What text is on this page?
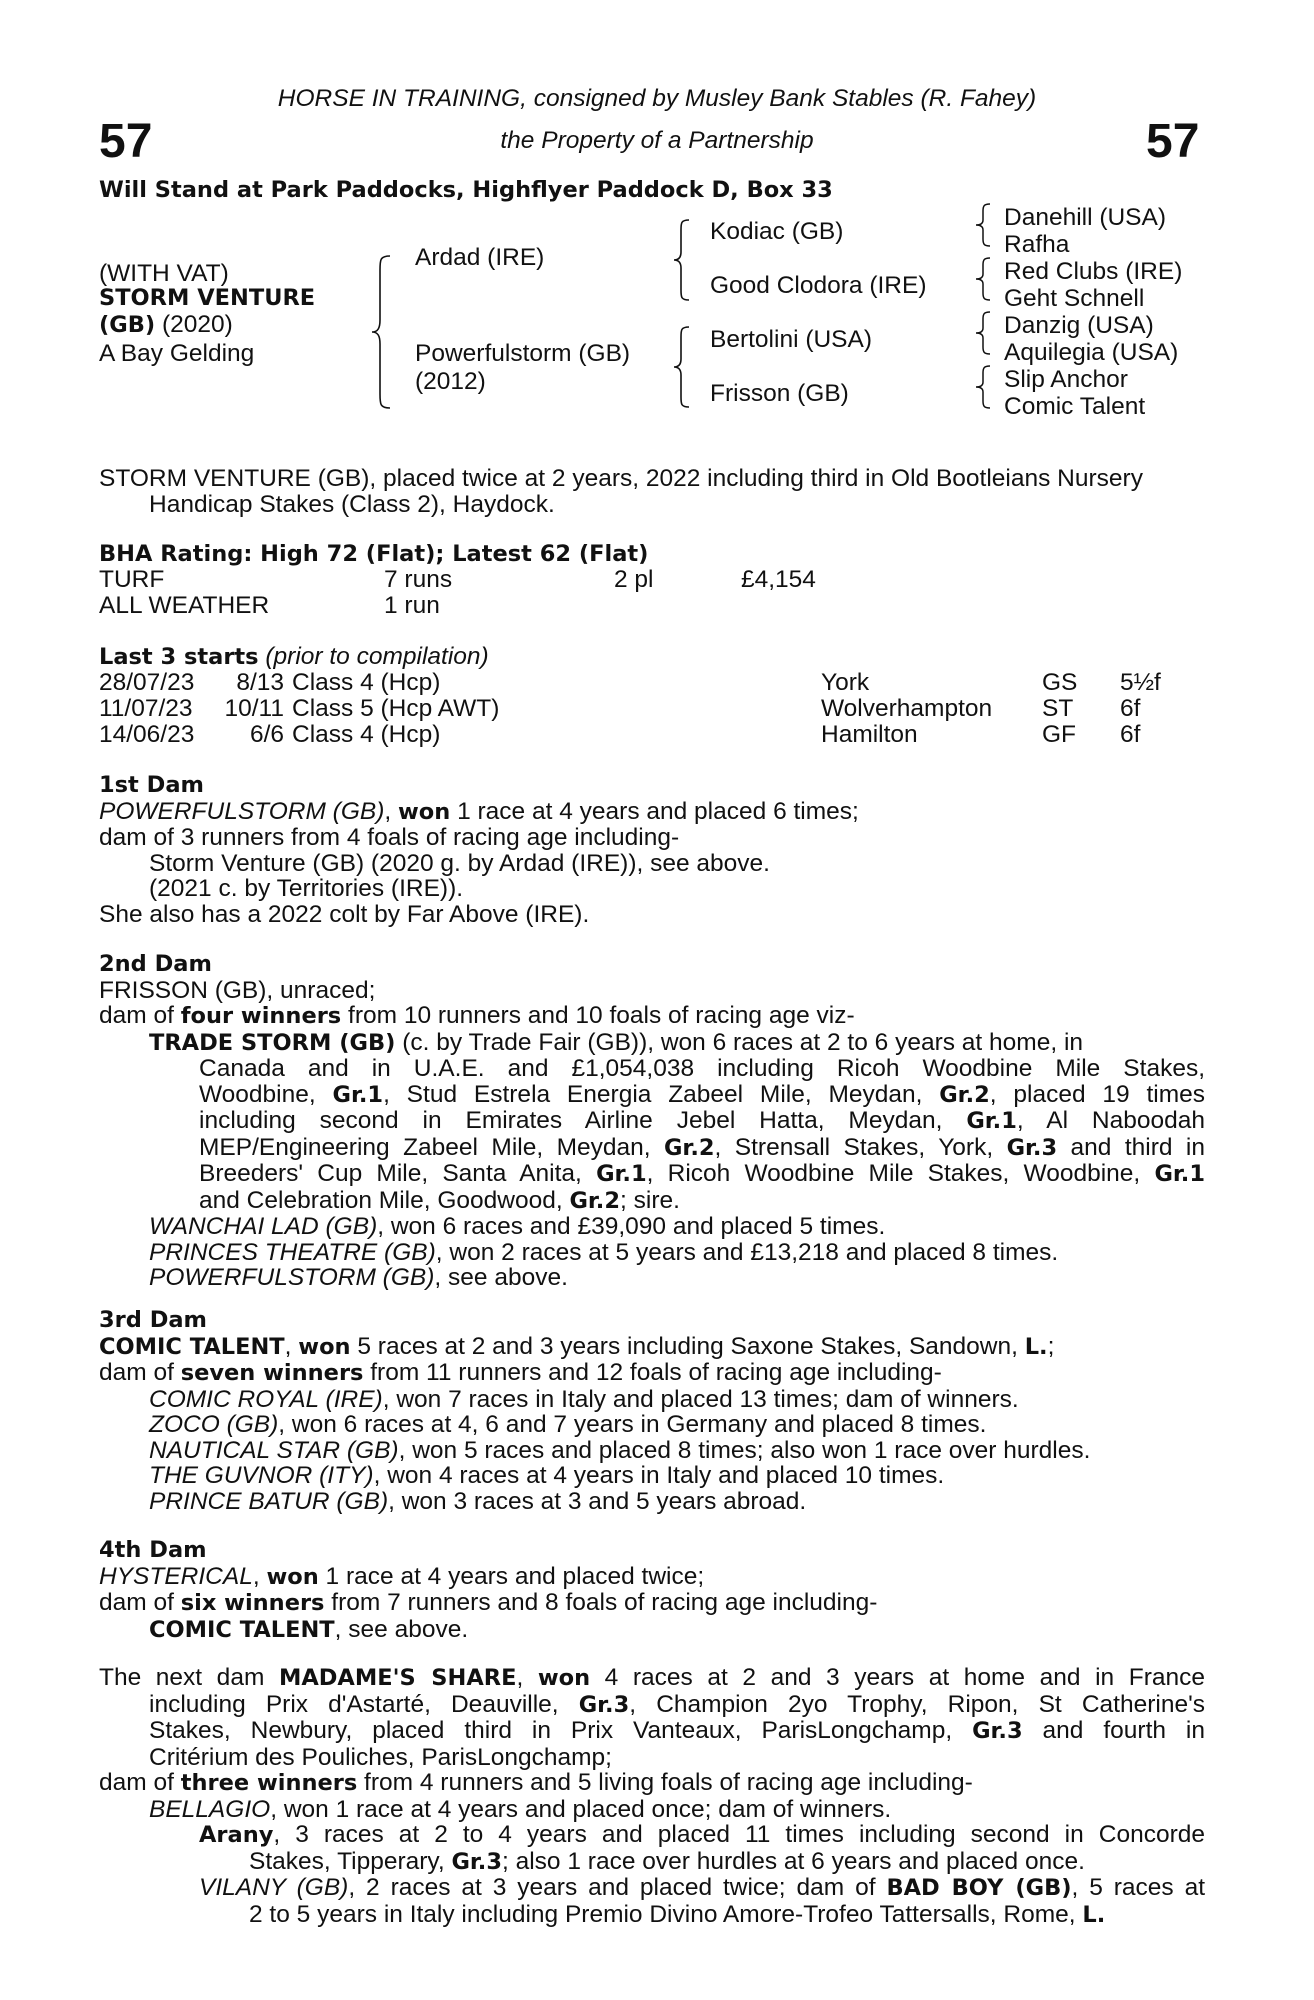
57	57
HORSE IN TRAINING, consigned by Musley Bank Stables (R. Fahey)
the Property of a Partnership
Will Stand at Park Paddocks, Highflyer Paddock D, Box 33
(WITH VAT)
STORM VENTURE
(GB) (2020)
A Bay Gelding
Ardad (IRE)
Powerfulstorm (GB)
(2012)
Kodiac (GB)
Good Clodora (IRE)
Bertolini (USA)
Frisson (GB)
Danehill (USA)
Rafha
Red Clubs (IRE)
Geht Schnell
Danzig (USA)
Aquilegia (USA)
Slip Anchor
Comic Talent
STORM VENTURE (GB), placed twice at 2 years, 2022 including third in Old Bootleians Nursery
Handicap Stakes (Class 2), Haydock.
BHA Rating: High 72 (Flat); Latest 62 (Flat)
TURF	7 runs	2 pl	£4,154
ALL WEATHER	1 run
Last 3 starts (prior to compilation)
28/07/23	8/13 Class 4 (Hcp)	York	GS 5½f
11/07/23	10/11 Class 5 (Hcp AWT)	Wolverhampton ST 6f
14/06/23	6/6 Class 4 (Hcp)	Hamilton	GF 6f
1st Dam
POWERFULSTORM (GB), won 1 race at 4 years and placed 6 times;
dam of 3 runners from 4 foals of racing age including-
Storm Venture (GB) (2020 g. by Ardad (IRE)), see above.
(2021 c. by Territories (IRE)).
She also has a 2022 colt by Far Above (IRE).
2nd Dam
FRISSON (GB), unraced;
dam of four winners from 10 runners and 10 foals of racing age viz-
TRADE STORM (GB) (c. by Trade Fair (GB)), won 6 races at 2 to 6 years at home, in
Canada and in U.A.E. and £1,054,038 including Ricoh Woodbine Mile Stakes,
Woodbine, Gr.1, Stud Estrela Energia Zabeel Mile, Meydan, Gr.2, placed 19 times
including second in Emirates Airline Jebel Hatta, Meydan, Gr.1, Al Naboodah
MEP/Engineering Zabeel Mile, Meydan, Gr.2, Strensall Stakes, York, Gr.3 and third in
Breeders' Cup Mile, Santa Anita, Gr.1, Ricoh Woodbine Mile Stakes, Woodbine, Gr.1
and Celebration Mile, Goodwood, Gr.2; sire.
WANCHAI LAD (GB), won 6 races and £39,090 and placed 5 times.
PRINCES THEATRE (GB), won 2 races at 5 years and £13,218 and placed 8 times.
POWERFULSTORM (GB), see above.
3rd Dam
COMIC TALENT, won 5 races at 2 and 3 years including Saxone Stakes, Sandown, L.;
dam of seven winners from 11 runners and 12 foals of racing age including-
COMIC ROYAL (IRE), won 7 races in Italy and placed 13 times; dam of winners.
ZOCO (GB), won 6 races at 4, 6 and 7 years in Germany and placed 8 times.
NAUTICAL STAR (GB), won 5 races and placed 8 times; also won 1 race over hurdles.
THE GUVNOR (ITY), won 4 races at 4 years in Italy and placed 10 times.
PRINCE BATUR (GB), won 3 races at 3 and 5 years abroad.
4th Dam
HYSTERICAL, won 1 race at 4 years and placed twice;
dam of six winners from 7 runners and 8 foals of racing age including-
COMIC TALENT, see above.
The next dam MADAME'S SHARE, won 4 races at 2 and 3 years at home and in France
including Prix d'Astarté, Deauville, Gr.3, Champion 2yo Trophy, Ripon, St Catherine's
Stakes, Newbury, placed third in Prix Vanteaux, ParisLongchamp, Gr.3 and fourth in
Critérium des Pouliches, ParisLongchamp;
dam of three winners from 4 runners and 5 living foals of racing age including-
BELLAGIO, won 1 race at 4 years and placed once; dam of winners.
Arany, 3 races at 2 to 4 years and placed 11 times including second in Concorde
Stakes, Tipperary, Gr.3; also 1 race over hurdles at 6 years and placed once.
VILANY (GB), 2 races at 3 years and placed twice; dam of BAD BOY (GB), 5 races at
2 to 5 years in Italy including Premio Divino Amore-Trofeo Tattersalls, Rome, L.
